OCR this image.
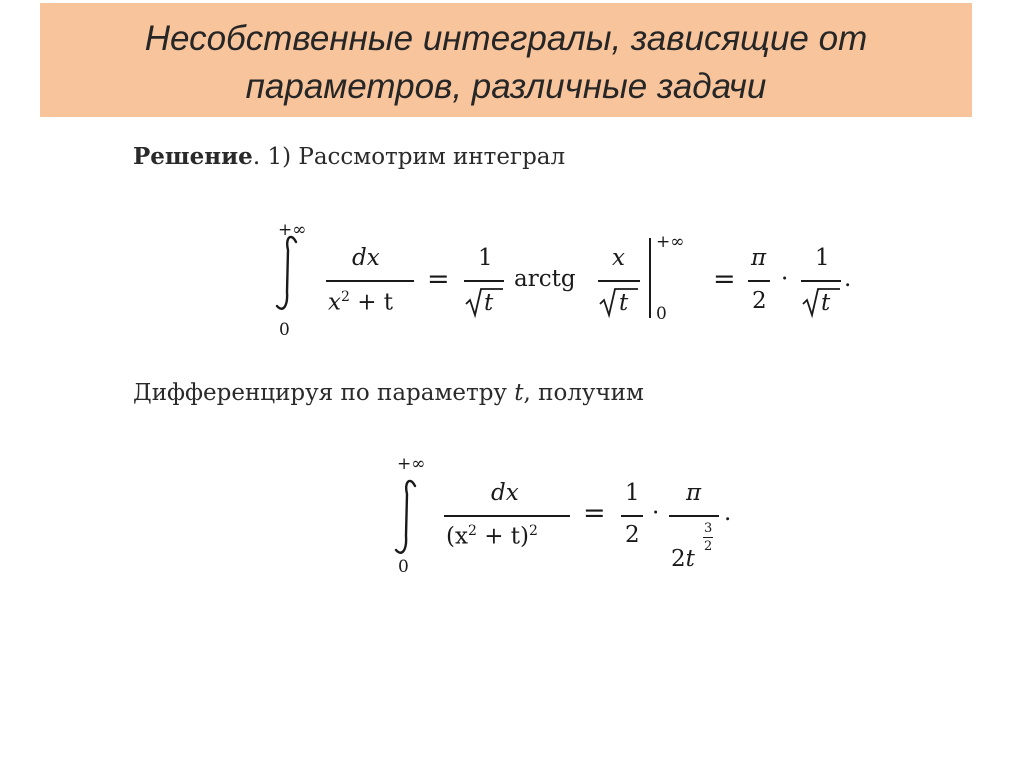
Несобственные интегралы, зависящие от
параметров, различные задачи
Решение. 1) Рассмотрим интеграл
+∞
0
dx
$x^2 + t$
=
1
t
arctg
x
t
+∞
0
=
π
2
·
1
t
.
Дифференцируя по параметру t, получим
+∞
0
dx
$(x^2 + t)^2$
=
1
2
·
π
2t
3
2
.
